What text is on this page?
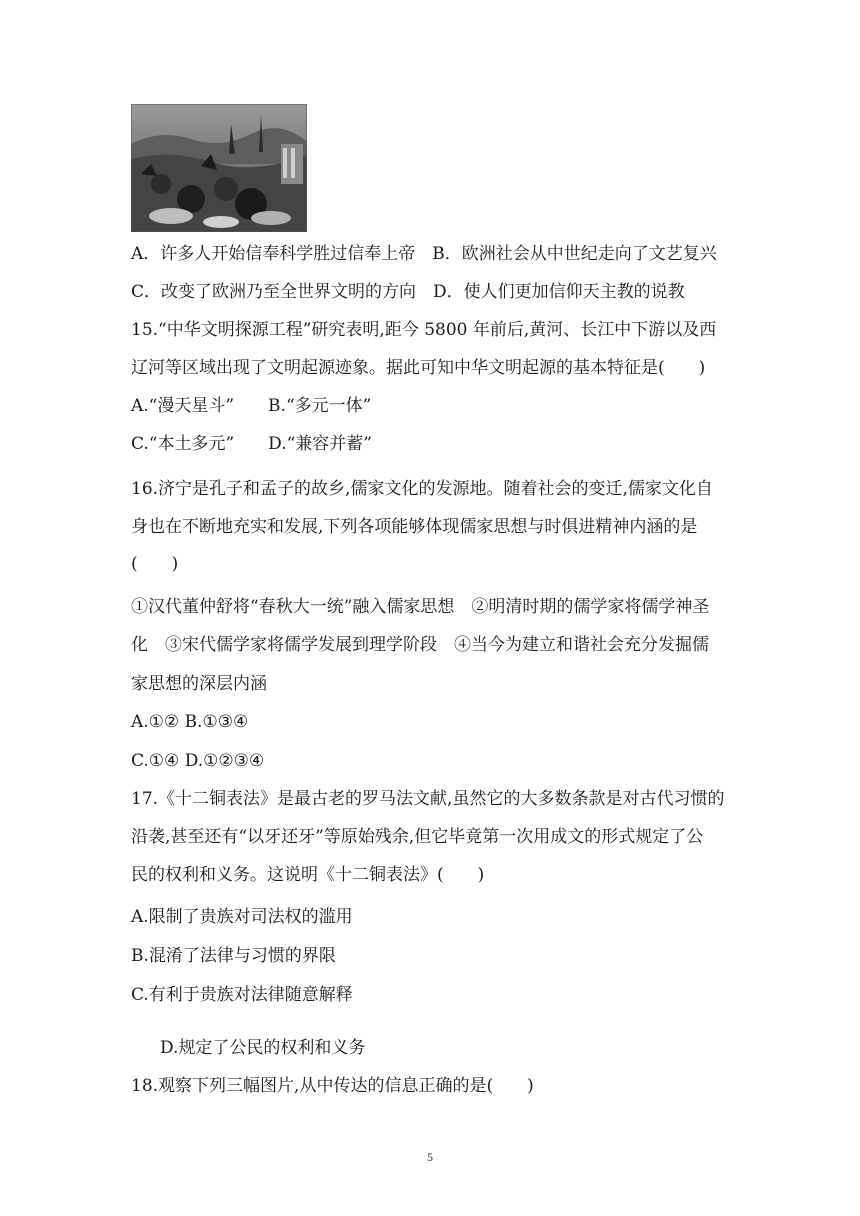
A．许多人开始信奉科学胜过信奉上帝　B．欧洲社会从中世纪走向了文艺复兴
C．改变了欧洲乃至全世界文明的方向　D．使人们更加信仰天主教的说教
15.“中华文明探源工程”研究表明,距今 5800 年前后,黄河、长江中下游以及西
辽河等区域出现了文明起源迹象。据此可知中华文明起源的基本特征是(　　)
A.“漫天星斗”　　B.“多元一体”
C.“本土多元”　　D.“兼容并蓄”
16.济宁是孔子和孟子的故乡,儒家文化的发源地。随着社会的变迁,儒家文化自
身也在不断地充实和发展,下列各项能够体现儒家思想与时俱进精神内涵的是
(　　)
①汉代董仲舒将“春秋大一统”融入儒家思想　②明清时期的儒学家将儒学神圣
化　③宋代儒学家将儒学发展到理学阶段　④当今为建立和谐社会充分发掘儒
家思想的深层内涵
A.①② B.①③④
C.①④ D.①②③④
17.《十二铜表法》是最古老的罗马法文献,虽然它的大多数条款是对古代习惯的
沿袭,甚至还有“以牙还牙”等原始残余,但它毕竟第一次用成文的形式规定了公
民的权利和义务。这说明《十二铜表法》(　　)
A.限制了贵族对司法权的滥用
B.混淆了法律与习惯的界限
C.有利于贵族对法律随意解释
D.规定了公民的权利和义务
18.观察下列三幅图片,从中传达的信息正确的是(　　)
5
